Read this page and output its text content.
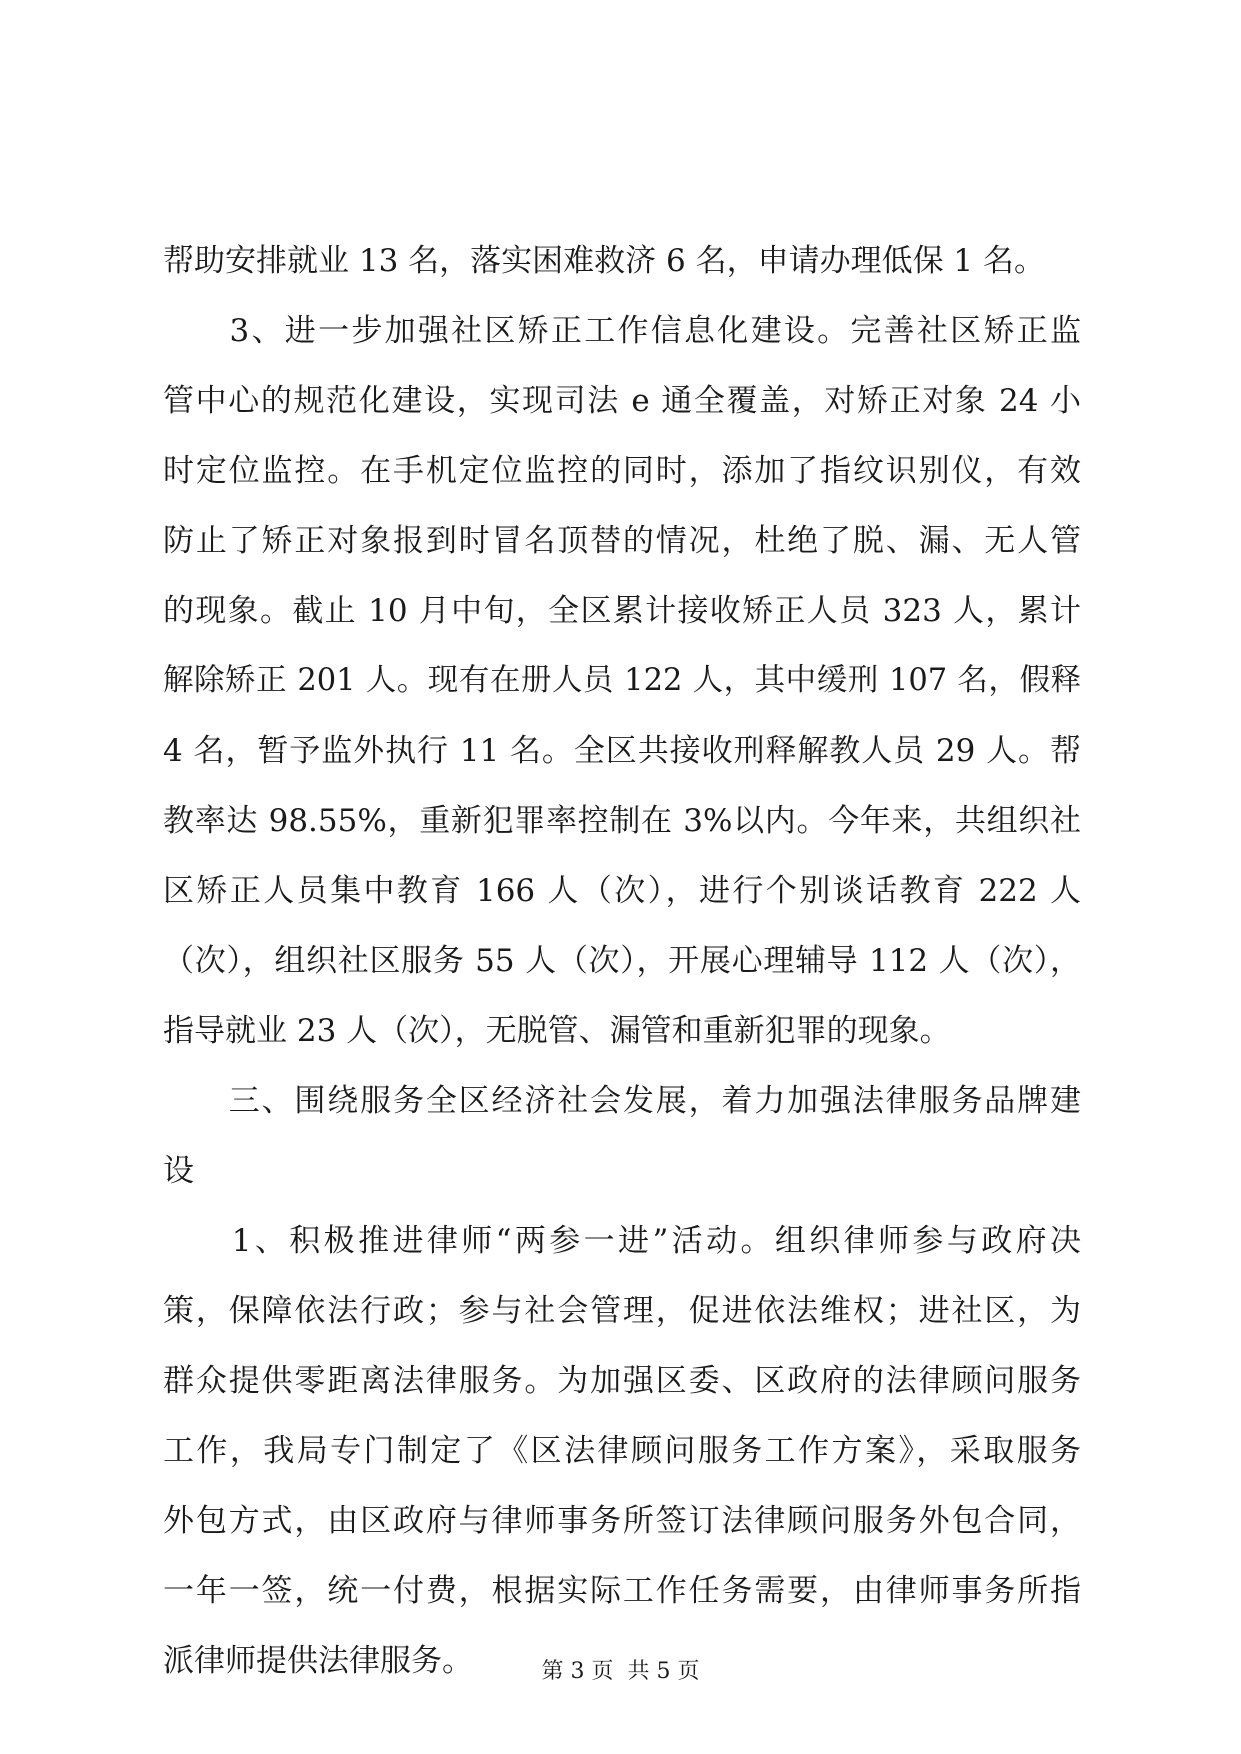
帮助安排就业 13 名，落实困难救济 6 名，申请办理低保 1 名。
　　3、进一步加强社区矫正工作信息化建设。完善社区矫正监
管中心的规范化建设，实现司法 e 通全覆盖，对矫正对象 24 小
时定位监控。在手机定位监控的同时，添加了指纹识别仪，有效
防止了矫正对象报到时冒名顶替的情况，杜绝了脱、漏、无人管
的现象。截止 10 月中旬，全区累计接收矫正人员 323 人，累计
解除矫正 201 人。现有在册人员 122 人，其中缓刑 107 名，假释
4 名，暂予监外执行 11 名。全区共接收刑释解教人员 29 人。帮
教率达 98.55%，重新犯罪率控制在 3%以内。今年来，共组织社
区矫正人员集中教育 166 人（次），进行个别谈话教育 222 人
（次），组织社区服务 55 人（次），开展心理辅导 112 人（次），
指导就业 23 人（次），无脱管、漏管和重新犯罪的现象。
　　三、围绕服务全区经济社会发展，着力加强法律服务品牌建
设
　　1、积极推进律师“两参一进”活动。组织律师参与政府决
策，保障依法行政；参与社会管理，促进依法维权；进社区，为
群众提供零距离法律服务。为加强区委、区政府的法律顾问服务
工作，我局专门制定了《区法律顾问服务工作方案》，采取服务
外包方式，由区政府与律师事务所签订法律顾问服务外包合同，
一年一签，统一付费，根据实际工作任务需要，由律师事务所指
派律师提供法律服务。	第 3 页  共 5 页
